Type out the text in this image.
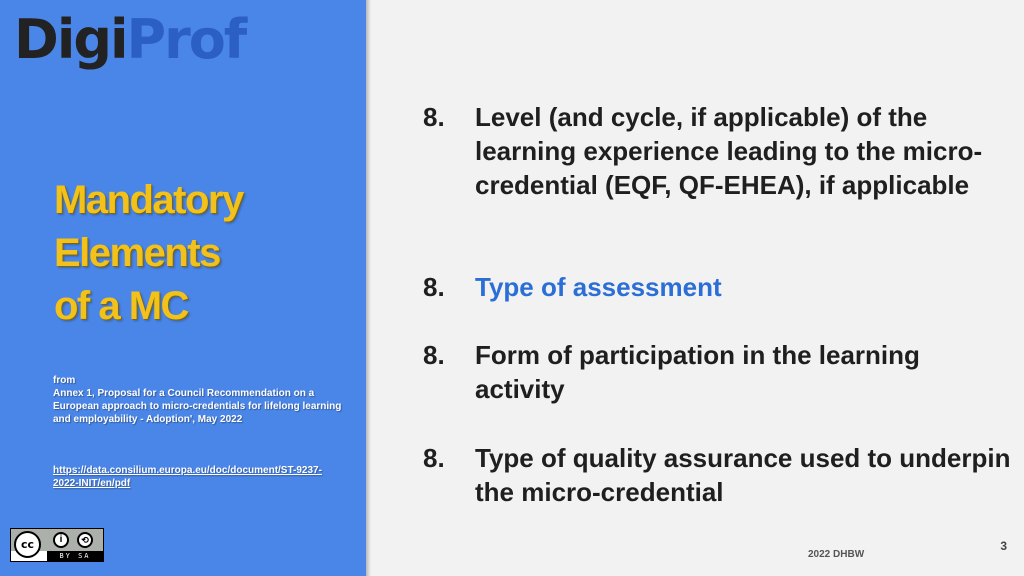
DigiProf
Mandatory
Elements
of a MC
from
Annex 1, Proposal for a Council Recommendation on a European approach to micro-credentials for lifelong learning and employability - Adoption', May 2022
https://data.consilium.europa.eu/doc/document/ST-9237-2022-INIT/en/pdf
cc	i	⟲
BY SA
8. Level (and cycle, if applicable) of the learning experience leading to the micro-credential (EQF, QF-EHEA), if applicable
8. Type of assessment
8. Form of participation in the learning activity
8. Type of quality assurance used to underpin the micro-credential
3
2022 DHBW
